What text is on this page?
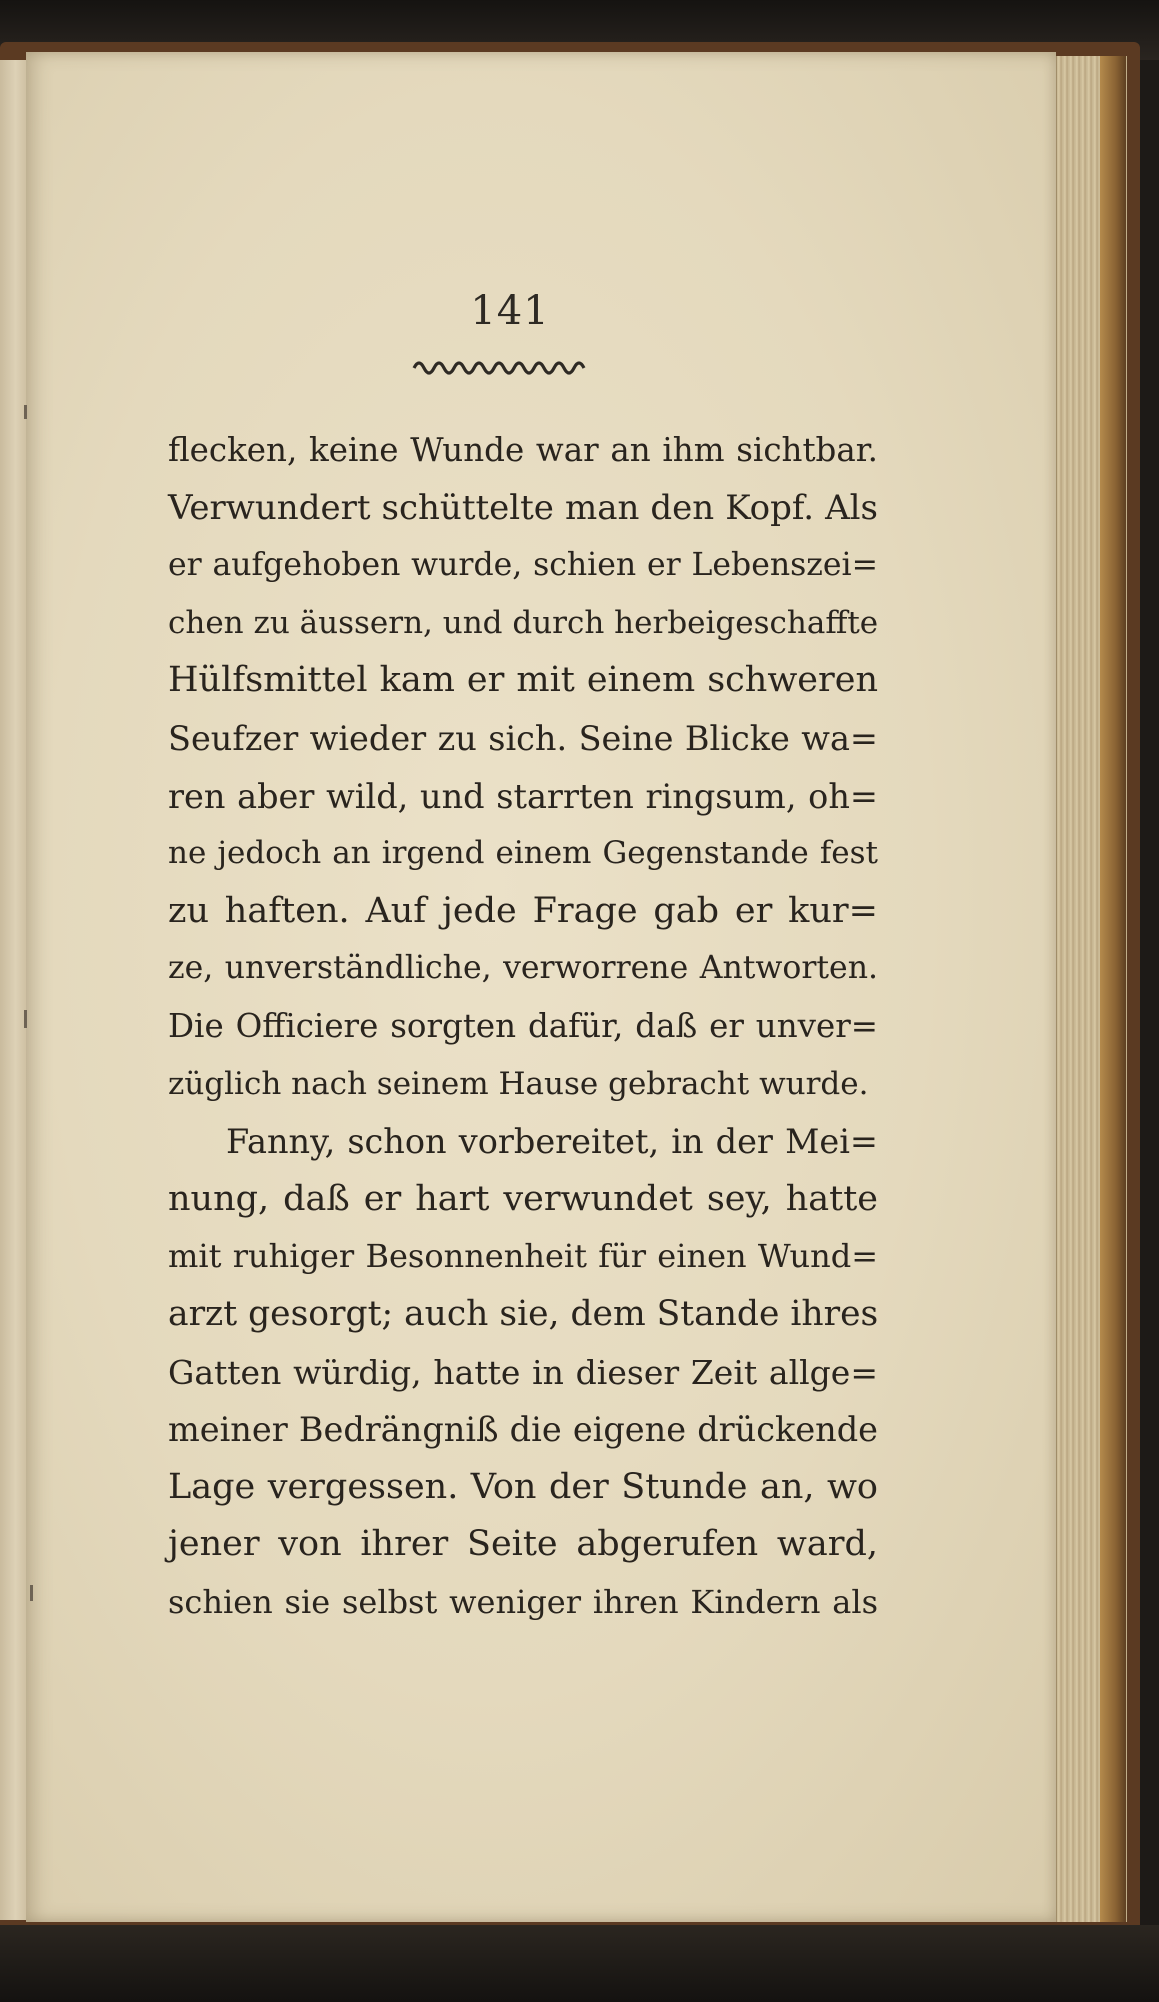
141
flecken, keine Wunde war an ihm sichtbar.
Verwundert schüttelte man den Kopf. Als
er aufgehoben wurde, schien er Lebenszei=
chen zu äussern, und durch herbeigeschaffte
Hülfsmittel kam er mit einem schweren
Seufzer wieder zu sich. Seine Blicke wa=
ren aber wild, und starrten ringsum, oh=
ne jedoch an irgend einem Gegenstande fest
zu haften. Auf jede Frage gab er kur=
ze, unverständliche, verworrene Antworten.
Die Officiere sorgten dafür, daß er unver=
züglich nach seinem Hause gebracht wurde.
Fanny, schon vorbereitet, in der Mei=
nung, daß er hart verwundet sey, hatte
mit ruhiger Besonnenheit für einen Wund=
arzt gesorgt; auch sie, dem Stande ihres
Gatten würdig, hatte in dieser Zeit allge=
meiner Bedrängniß die eigene drückende
Lage vergessen. Von der Stunde an, wo
jener von ihrer Seite abgerufen ward,
schien sie selbst weniger ihren Kindern als
